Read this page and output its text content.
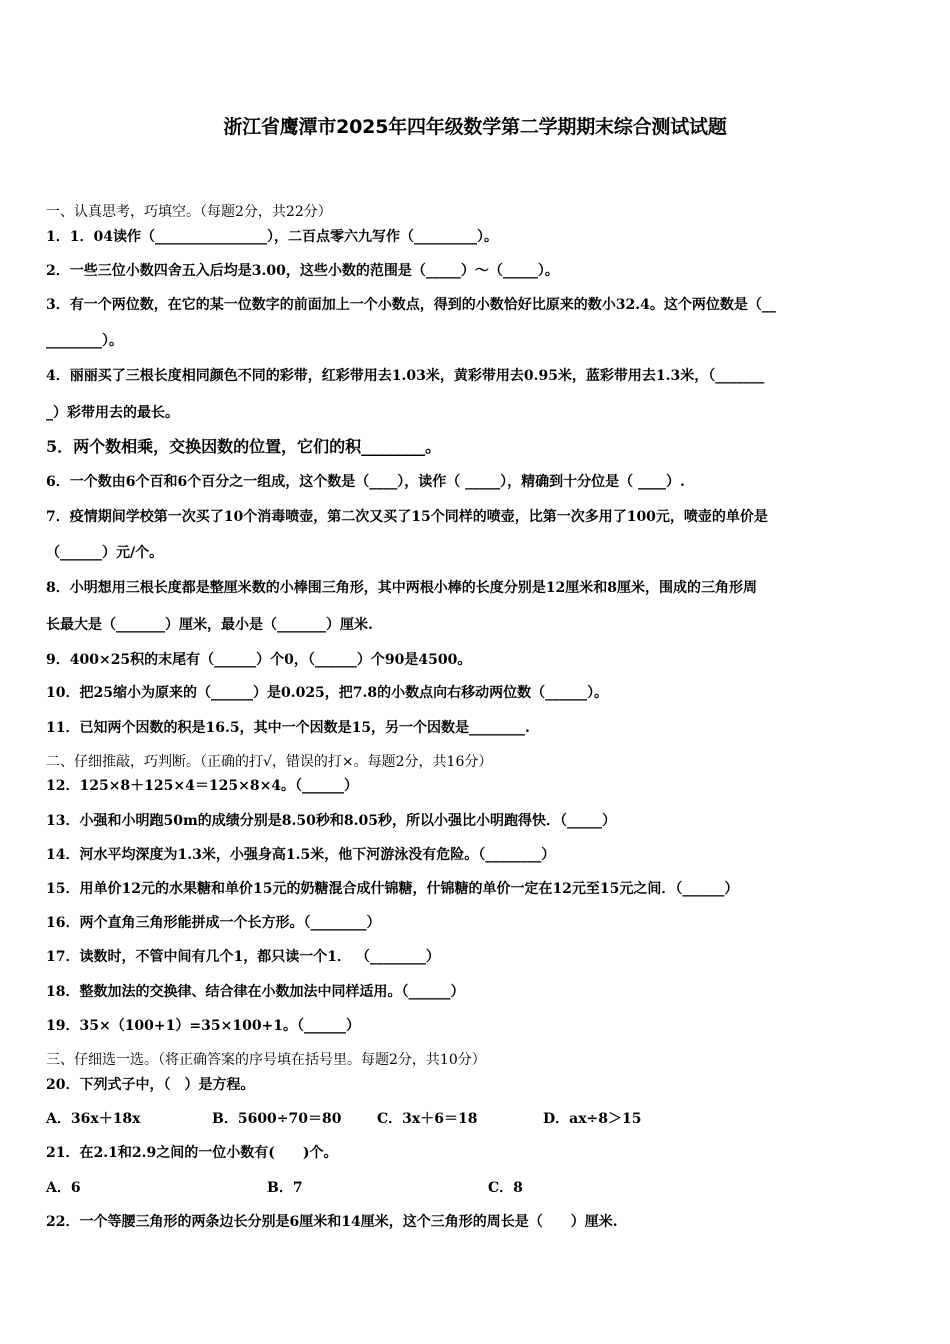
浙江省鹰潭市2025年四年级数学第二学期期末综合测试试题
一、认真思考，巧填空。（每题2分，共22分）
1．1．04读作（________________），二百点零六九写作（_________）。
2．一些三位小数四舍五入后均是3.00，这些小数的范围是（_____）～（_____）。
3．有一个两位数，在它的某一位数字的前面加上一个小数点，得到的小数恰好比原来的数小32.4。这个两位数是（__
________）。
4．丽丽买了三根长度相同颜色不同的彩带，红彩带用去1.03米，黄彩带用去0.95米，蓝彩带用去1.3米，（_______
_）彩带用去的最长。
5．两个数相乘，交换因数的位置，它们的积________。
6．一个数由6个百和6个百分之一组成，这个数是（____），读作（ _____），精确到十分位是（ ____）.
7．疫情期间学校第一次买了10个消毒喷壶，第二次又买了15个同样的喷壶，比第一次多用了100元，喷壶的单价是
（______）元/个。
8．小明想用三根长度都是整厘米数的小棒围三角形，其中两根小棒的长度分别是12厘米和8厘米，围成的三角形周
长最大是（_______）厘米，最小是（_______）厘米.
9．400×25积的末尾有（______）个0，（______）个90是4500。
10．把25缩小为原来的（______）是0.025，把7.8的小数点向右移动两位数（______）。
11．已知两个因数的积是16.5，其中一个因数是15，另一个因数是________.
二、仔细推敲，巧判断。（正确的打√，错误的打×。每题2分，共16分）
12．125×8＋125×4＝125×8×4。（______）
13．小强和小明跑50m的成绩分别是8.50秒和8.05秒，所以小强比小明跑得快．（_____）
14．河水平均深度为1.3米，小强身高1.5米，他下河游泳没有危险。（________）
15．用单价12元的水果糖和单价15元的奶糖混合成什锦糖，什锦糖的单价一定在12元至15元之间．（______）
16．两个直角三角形能拼成一个长方形。（________）
17．读数时，不管中间有几个1，都只读一个1． （________）
18．整数加法的交换律、结合律在小数加法中同样适用。（______）
19．35×（100+1）=35×100+1。（______）
三、仔细选一选。（将正确答案的序号填在括号里。每题2分，共10分）
20．下列式子中，（　）是方程。
A．36x＋18x	B．5600÷70＝80	C．3x＋6＝18	D．ax÷8＞15
21．在2.1和2.9之间的一位小数有(　　)个。
A．6	B．7	C．8
22．一个等腰三角形的两条边长分别是6厘米和14厘米，这个三角形的周长是（　　）厘米.
